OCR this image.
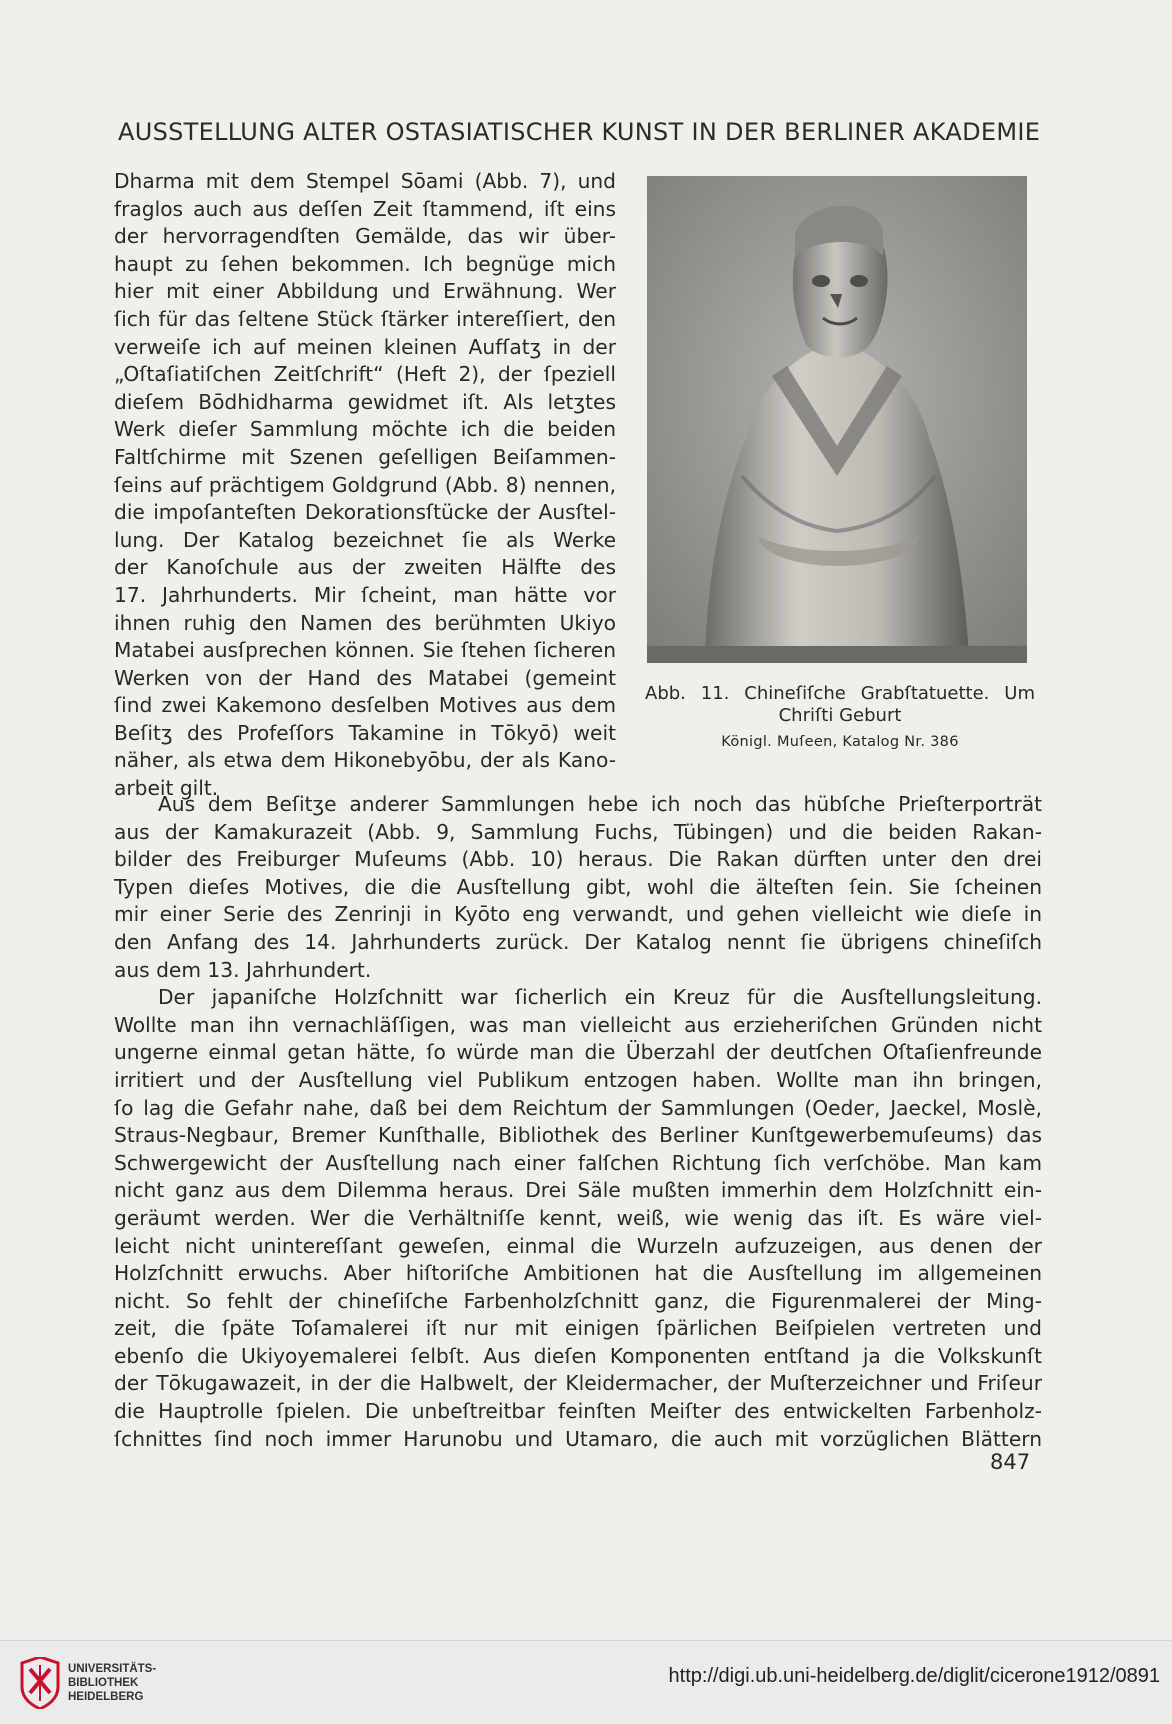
AUSSTELLUNG ALTER OSTASIATISCHER KUNST IN DER BERLINER AKADEMIE
Dharma mit dem Stempel Sōami (Abb. 7), und
fraglos auch aus deſſen Zeit ſtammend, iſt eins
der hervorragendſten Gemälde, das wir über-
haupt zu ſehen bekommen. Ich begnüge mich
hier mit einer Abbildung und Erwähnung. Wer
ſich für das ſeltene Stück ſtärker intereſſiert, den
verweiſe ich auf meinen kleinen Aufſatʒ in der
„Oſtaſiatiſchen Zeitſchrift“ (Heft 2), der ſpeziell
dieſem Bōdhidharma gewidmet iſt. Als letʒtes
Werk dieſer Sammlung möchte ich die beiden
Faltſchirme mit Szenen geſelligen Beiſammen-
ſeins auf prächtigem Goldgrund (Abb. 8) nennen,
die impoſanteſten Dekorationsſtücke der Ausſtel-
lung. Der Katalog bezeichnet ſie als Werke
der Kanoſchule aus der zweiten Hälfte des
17. Jahrhunderts. Mir ſcheint, man hätte vor
ihnen ruhig den Namen des berühmten Ukiyo
Matabei ausſprechen können. Sie ſtehen ſicheren
Werken von der Hand des Matabei (gemeint
ſind zwei Kakemono desſelben Motives aus dem
Beſitʒ des Profeſſors Takamine in Tōkyō) weit
näher, als etwa dem Hikonebyōbu, der als Kano-
arbeit gilt.
Abb. 11. Chineſiſche Grabſtatuette. Um
Chriſti Geburt
Königl. Muſeen, Katalog Nr. 386
Aus dem Beſitʒe anderer Sammlungen hebe ich noch das hübſche Prieſterporträt
aus der Kamakurazeit (Abb. 9, Sammlung Fuchs, Tübingen) und die beiden Rakan-
bilder des Freiburger Muſeums (Abb. 10) heraus. Die Rakan dürften unter den drei
Typen dieſes Motives, die die Ausſtellung gibt, wohl die älteſten ſein. Sie ſcheinen
mir einer Serie des Zenrinji in Kyōto eng verwandt, und gehen vielleicht wie dieſe in
den Anfang des 14. Jahrhunderts zurück. Der Katalog nennt ſie übrigens chineſiſch
aus dem 13. Jahrhundert.
Der japaniſche Holzſchnitt war ſicherlich ein Kreuz für die Ausſtellungsleitung.
Wollte man ihn vernachläſſigen, was man vielleicht aus erzieheriſchen Gründen nicht
ungerne einmal getan hätte, ſo würde man die Überzahl der deutſchen Oſtaſienfreunde
irritiert und der Ausſtellung viel Publikum entzogen haben. Wollte man ihn bringen,
ſo lag die Gefahr nahe, daß bei dem Reichtum der Sammlungen (Oeder, Jaeckel, Moslè,
Straus-Negbaur, Bremer Kunſthalle, Bibliothek des Berliner Kunſtgewerbemuſeums) das
Schwergewicht der Ausſtellung nach einer falſchen Richtung ſich verſchöbe. Man kam
nicht ganz aus dem Dilemma heraus. Drei Säle mußten immerhin dem Holzſchnitt ein-
geräumt werden. Wer die Verhältniſſe kennt, weiß, wie wenig das iſt. Es wäre viel-
leicht nicht unintereſſant geweſen, einmal die Wurzeln aufzuzeigen, aus denen der
Holzſchnitt erwuchs. Aber hiſtoriſche Ambitionen hat die Ausſtellung im allgemeinen
nicht. So fehlt der chineſiſche Farbenholzſchnitt ganz, die Figurenmalerei der Ming-
zeit, die ſpäte Toſamalerei iſt nur mit einigen ſpärlichen Beiſpielen vertreten und
ebenſo die Ukiyoyemalerei ſelbſt. Aus dieſen Komponenten entſtand ja die Volkskunſt
der Tōkugawazeit, in der die Halbwelt, der Kleidermacher, der Muſterzeichner und Friſeur
die Hauptrolle ſpielen. Die unbeſtreitbar feinſten Meiſter des entwickelten Farbenholz-
ſchnittes ſind noch immer Harunobu und Utamaro, die auch mit vorzüglichen Blättern
847
UNIVERSITÄTS-
BIBLIOTHEK
HEIDELBERG
http://digi.ub.uni-heidelberg.de/diglit/cicerone1912/0891
